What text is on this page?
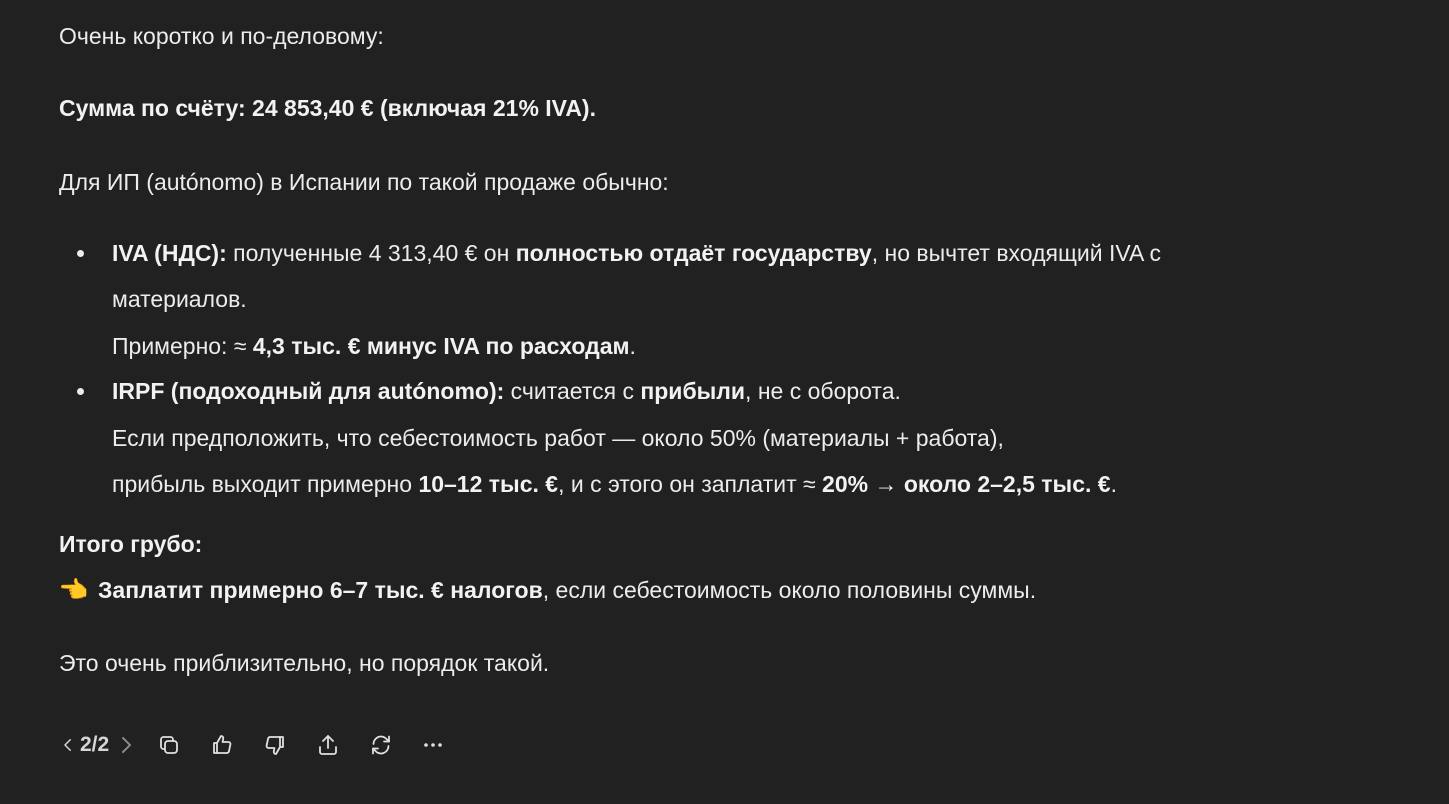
Очень коротко и по-деловому:
Сумма по счёту: 24 853,40 € (включая 21% IVA).
Для ИП (autónomo) в Испании по такой продаже обычно:
IVA (НДС): полученные 4 313,40 € он полностью отдаёт государству, но вычтет входящий IVA с
материалов.
Примерно: ≈ 4,3 тыс. € минус IVA по расходам.
IRPF (подоходный для autónomo): считается с прибыли, не с оборота.
Если предположить, что себестоимость работ — около 50% (материалы + работа),
прибыль выходит примерно 10–12 тыс. €, и с этого он заплатит ≈ 20% → около 2–2,5 тыс. €.
Итого грубо:
👉 Заплатит примерно 6–7 тыс. € налогов, если себестоимость около половины суммы.
Это очень приблизительно, но порядок такой.
2/2
